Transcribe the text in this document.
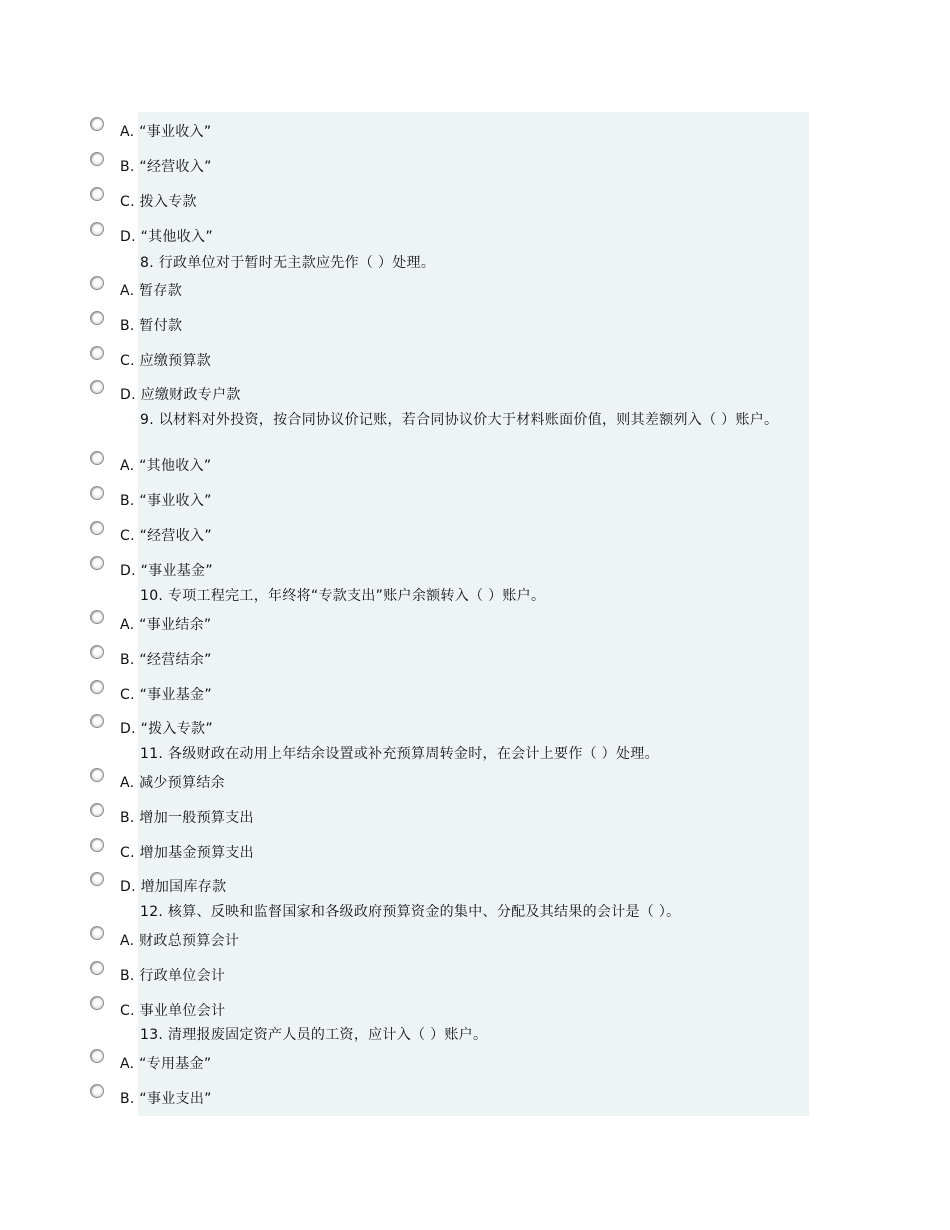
A. “事业收入”
B. “经营收入”
C. 拨入专款
D. “其他收入”
8. 行政单位对于暂时无主款应先作（ ）处理。
A. 暂存款
B. 暂付款
C. 应缴预算款
D. 应缴财政专户款
9. 以材料对外投资，按合同协议价记账，若合同协议价大于材料账面价值，则其差额列入（ ）账户。
A. “其他收入”
B. “事业收入”
C. “经营收入”
D. “事业基金”
10. 专项工程完工，年终将“专款支出”账户余额转入（ ）账户。
A. “事业结余”
B. “经营结余”
C. “事业基金”
D. “拨入专款”
11. 各级财政在动用上年结余设置或补充预算周转金时，在会计上要作（ ）处理。
A. 减少预算结余
B. 增加一般预算支出
C. 增加基金预算支出
D. 增加国库存款
12. 核算、反映和监督国家和各级政府预算资金的集中、分配及其结果的会计是（ ）。
A. 财政总预算会计
B. 行政单位会计
C. 事业单位会计
13. 清理报废固定资产人员的工资，应计入（ ）账户。
A. “专用基金”
B. “事业支出”
